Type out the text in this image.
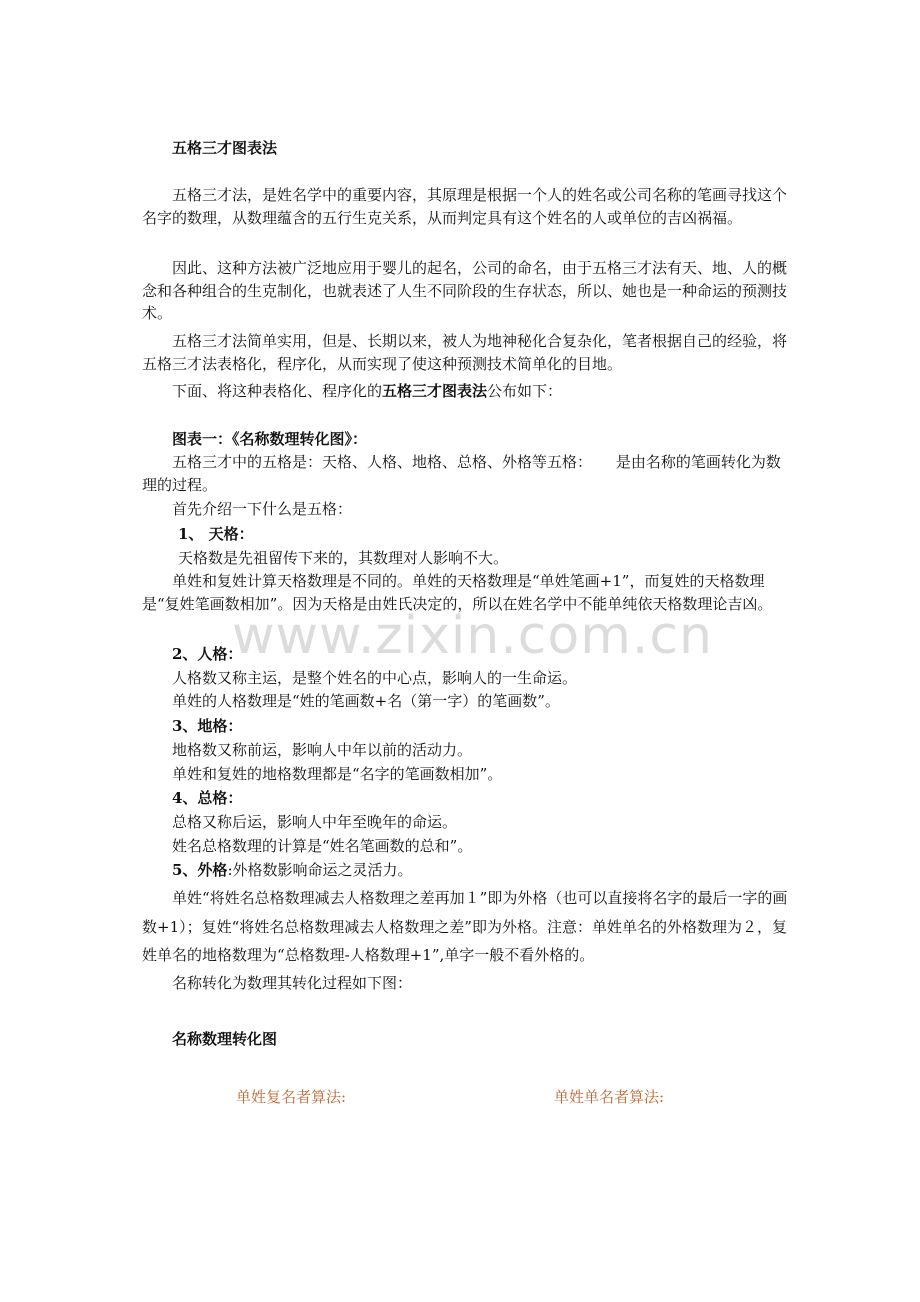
www.zixin.com.cn
五格三才图表法
五格三才法，是姓名学中的重要内容，其原理是根据一个人的姓名或公司名称的笔画寻找这个名字的数理，从数理蕴含的五行生克关系，从而判定具有这个姓名的人或单位的吉凶祸福。
因此、这种方法被广泛地应用于婴儿的起名，公司的命名，由于五格三才法有天、地、人的概念和各种组合的生克制化，也就表述了人生不同阶段的生存状态，所以、她也是一种命运的预测技术。
五格三才法简单实用，但是、长期以来，被人为地神秘化合复杂化，笔者根据自己的经验，将五格三才法表格化，程序化，从而实现了使这种预测技术简单化的目地。
下面、将这种表格化、程序化的五格三才图表法公布如下：
图表一：《名称数理转化图》：
五格三才中的五格是：天格、人格、地格、总格、外格等五格：     是由名称的笔画转化为数理的过程。
首先介绍一下什么是五格：
1、 天格：
天格数是先祖留传下来的，其数理对人影响不大。
单姓和复姓计算天格数理是不同的。单姓的天格数理是“单姓笔画+1”，而复姓的天格数理是“复姓笔画数相加”。因为天格是由姓氏决定的，所以在姓名学中不能单纯依天格数理论吉凶。
2、人格：
人格数又称主运，是整个姓名的中心点，影响人的一生命运。
单姓的人格数理是“姓的笔画数+名（第一字）的笔画数”。
3、地格：
地格数又称前运，影响人中年以前的活动力。
单姓和复姓的地格数理都是“名字的笔画数相加”。
4、总格：
总格又称后运，影响人中年至晚年的命运。
姓名总格数理的计算是“姓名笔画数的总和”。
5、外格:外格数影响命运之灵活力。
单姓“将姓名总格数理减去人格数理之差再加１”即为外格（也可以直接将名字的最后一字的画数+1）；复姓“将姓名总格数理减去人格数理之差”即为外格。注意：单姓单名的外格数理为２，复姓单名的地格数理为“总格数理-人格数理+1”,单字一般不看外格的。
名称转化为数理其转化过程如下图：
名称数理转化图
单姓复名者算法:	单姓单名者算法:
